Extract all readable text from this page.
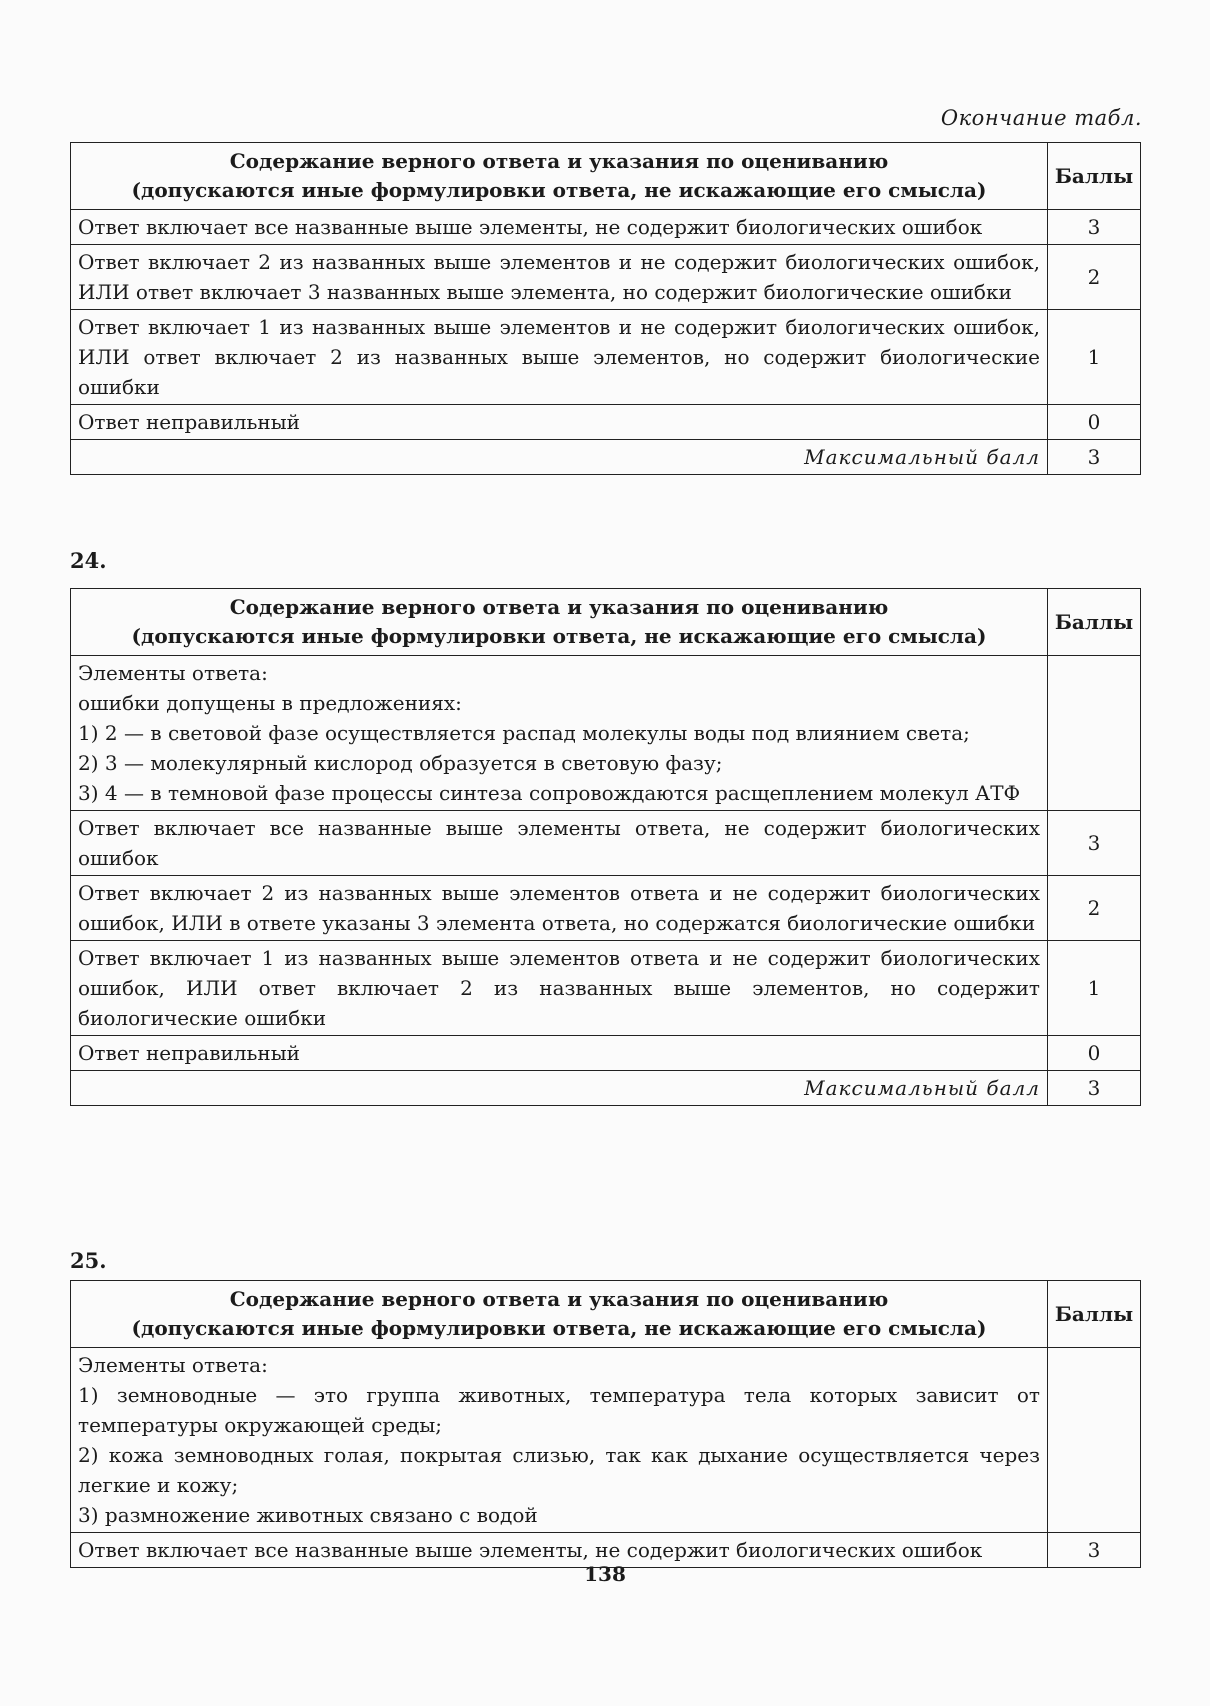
Окончание табл.
Содержание верного ответа и указания по оцениванию
(допускаются иные формулировки ответа, не искажающие его смысла)	Баллы
Ответ включает все названные выше элементы, не содержит биологических ошибок	3
Ответ включает 2 из названных выше элементов и не содержит биологических ошибок, ИЛИ ответ включает 3 названных выше элемента, но содержит биологические ошибки	2
Ответ включает 1 из названных выше элементов и не содержит биологических ошибок, ИЛИ ответ включает 2 из названных выше элементов, но содержит биологические ошибки	1
Ответ неправильный	0
Максимальный балл	3
24.
Содержание верного ответа и указания по оцениванию
(допускаются иные формулировки ответа, не искажающие его смысла)	Баллы

Элементы ответа:
ошибки допущены в предложениях:
1) 2 — в световой фазе осуществляется распад молекулы воды под влиянием света;
2) 3 — молекулярный кислород образуется в световую фазу;
3) 4 — в темновой фазе процессы синтеза сопровождаются расщеплением молекул АТФ	

Ответ включает все названные выше элементы ответа, не содержит биологических ошибок	3
Ответ включает 2 из названных выше элементов ответа и не содержит биологических ошибок, ИЛИ в ответе указаны 3 элемента ответа, но содержатся биологические ошибки	2
Ответ включает 1 из названных выше элементов ответа и не содержит биологических ошибок, ИЛИ ответ включает 2 из названных выше элементов, но содержит биологические ошибки	1
Ответ неправильный	0
Максимальный балл	3
25.
Содержание верного ответа и указания по оцениванию
(допускаются иные формулировки ответа, не искажающие его смысла)	Баллы

Элементы ответа:
1) земноводные — это группа животных, температура тела которых зависит от температуры окружающей среды;
2) кожа земноводных голая, покрытая слизью, так как дыхание осуществляется через легкие и кожу;
3) размножение животных связано с водой	

Ответ включает все названные выше элементы, не содержит биологических ошибок	3
138
